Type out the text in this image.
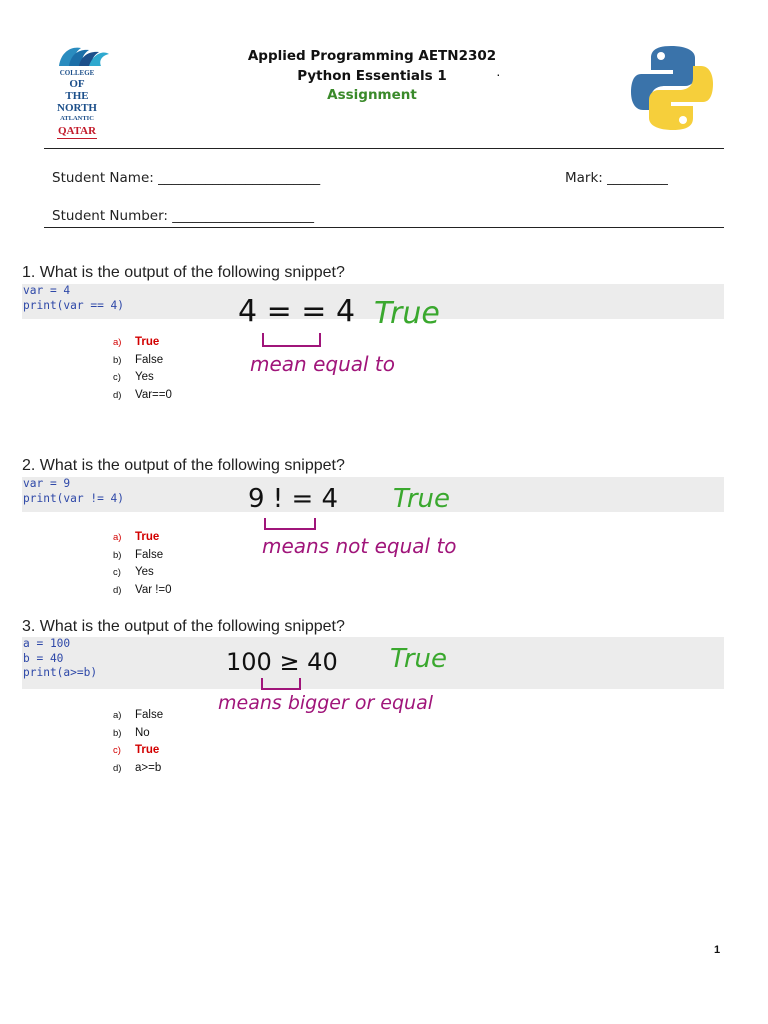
COLLEGE
OF THE
NORTH
ATLANTIC
QATAR
Applied Programming AETN2302
Python Essentials 1
Assignment
·
Student Name: ________________________	Mark: _________
Student Number: _____________________
1. What is the output of the following snippet?
var = 4
print(var == 4)
a)	True
b)	False
c)	Yes
d)	Var==0
4 = = 4 True
mean equal to
2. What is the output of the following snippet?
var = 9
print(var != 4)
a)	True
b)	False
c)	Yes
d)	Var !=0
9 ! = 4 True
means not equal to
3. What is the output of the following snippet?
a = 100
b = 40
print(a>=b)
a)	False
b)	No
c)	True
d)	a>=b
100 ≥ 40 True
means bigger or equal
1
